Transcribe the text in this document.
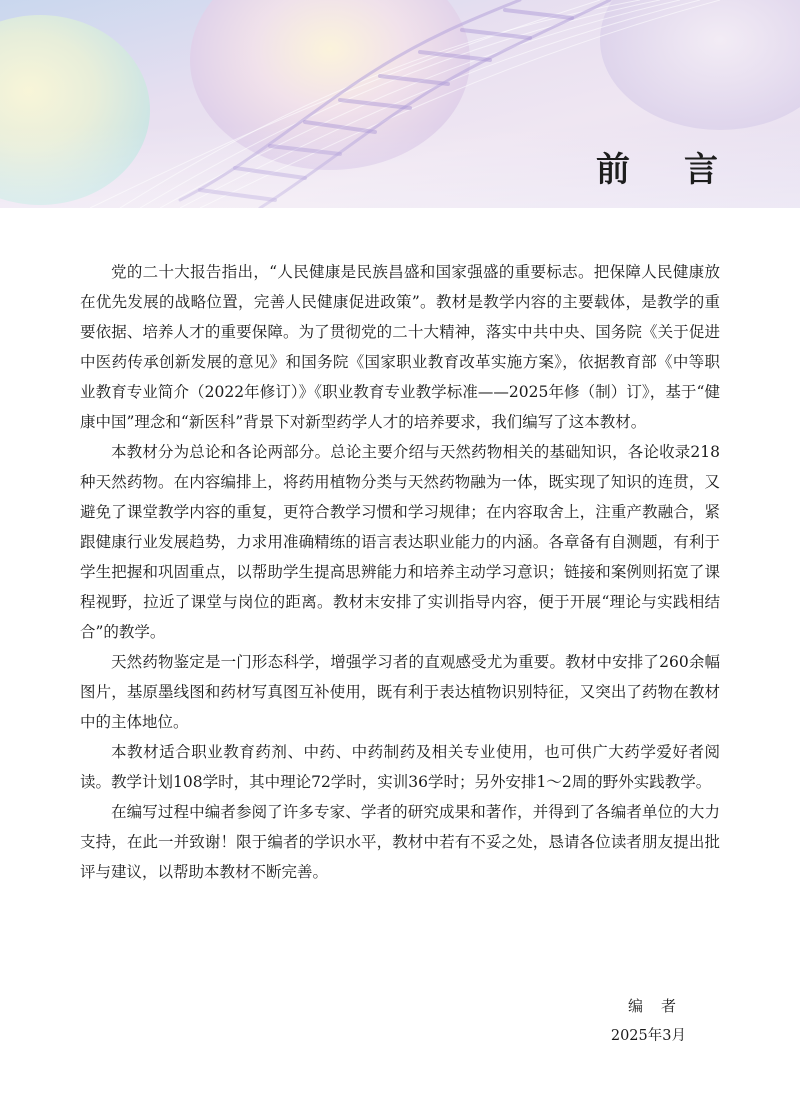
前言

党的二十大报告指出，“人民健康是民族昌盛和国家强盛的重要标志。把保障人民健康放在优先发展的战略位置，完善人民健康促进政策”。教材是教学内容的主要载体，是教学的重要依据、培养人才的重要保障。为了贯彻党的二十大精神，落实中共中央、国务院《关于促进中医药传承创新发展的意见》和国务院《国家职业教育改革实施方案》，依据教育部《中等职业教育专业简介（2022年修订）》《职业教育专业教学标准——2025年修（制）订》，基于“健康中国”理念和“新医科”背景下对新型药学人才的培养要求，我们编写了这本教材。

本教材分为总论和各论两部分。总论主要介绍与天然药物相关的基础知识，各论收录218种天然药物。在内容编排上，将药用植物分类与天然药物融为一体，既实现了知识的连贯，又避免了课堂教学内容的重复，更符合教学习惯和学习规律；在内容取舍上，注重产教融合，紧跟健康行业发展趋势，力求用准确精练的语言表达职业能力的内涵。各章备有自测题，有利于学生把握和巩固重点，以帮助学生提高思辨能力和培养主动学习意识；链接和案例则拓宽了课程视野，拉近了课堂与岗位的距离。教材末安排了实训指导内容，便于开展“理论与实践相结合”的教学。

天然药物鉴定是一门形态科学，增强学习者的直观感受尤为重要。教材中安排了260余幅图片，基原墨线图和药材写真图互补使用，既有利于表达植物识别特征，又突出了药物在教材中的主体地位。

本教材适合职业教育药剂、中药、中药制药及相关专业使用，也可供广大药学爱好者阅读。教学计划108学时，其中理论72学时，实训36学时；另外安排1～2周的野外实践教学。

在编写过程中编者参阅了许多专家、学者的研究成果和著作，并得到了各编者单位的大力支持，在此一并致谢！限于编者的学识水平，教材中若有不妥之处，恳请各位读者朋友提出批评与建议，以帮助本教材不断完善。

编者
2025年3月
